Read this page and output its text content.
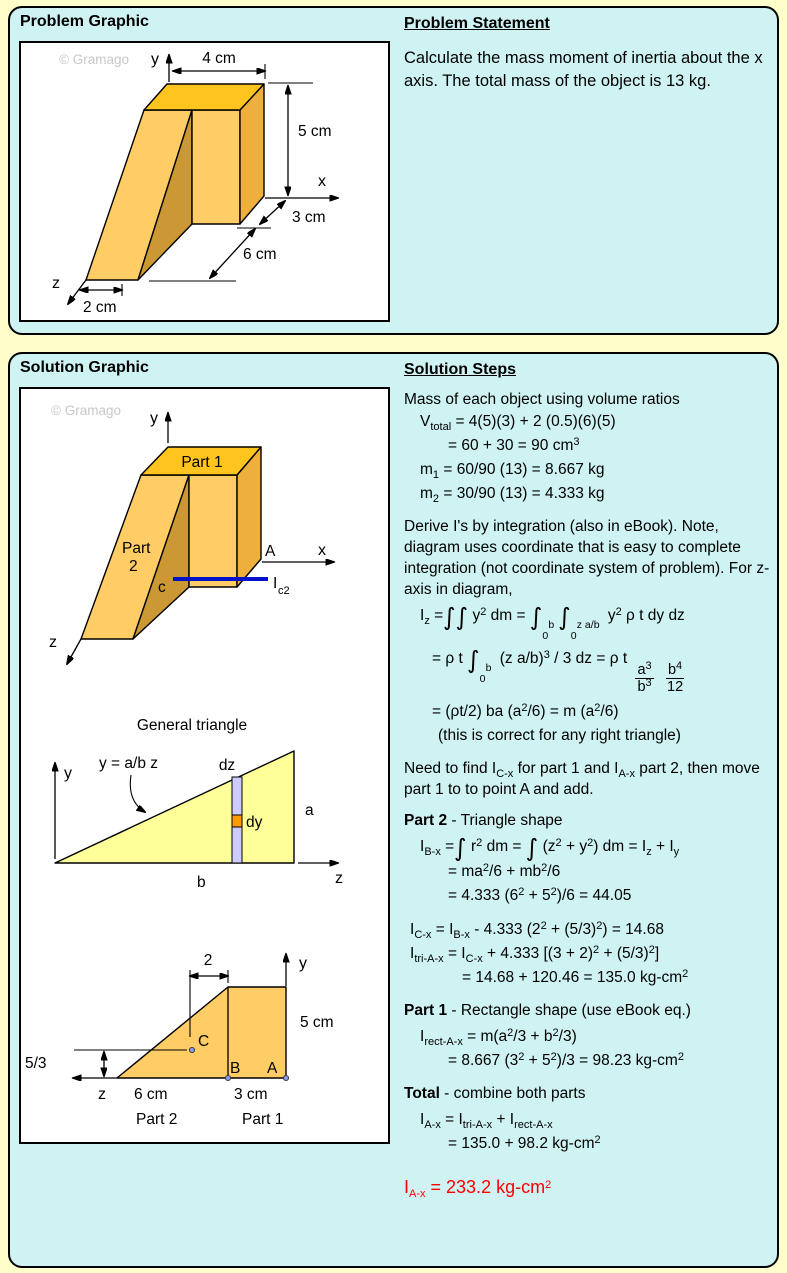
Problem Graphic
© Gramago y	4 cm
5 cm
x
3 cm
6 cm
z
2 cm
Problem Statement

Calculate the mass moment of inertia about the x axis. The total mass of the object is 13 kg.

Solution Graphic
© Gramago y
Part 1
Part
2
x
A
I c2
c
z
General triangle
y
y = a/b z	dz
dy
a
b	z
y
2
5 cm
5/3
C
z 6 cm	3 cm
B A
Part 2	Part 1
Solution Steps
Mass of each object using volume ratios
$V_{total} = 4(5)(3) + 2$ (0.5)(6)(5)
= 60 + 30 = 90 $cm^3$
$m_1 = 60/90$ (13) = 8.667 kg
$m_2 = 30/90$ (13) = 4.333 kg
Derive I's by integration (also in eBook). Note, diagram uses coordinate that is easy to complete integration (not coordinate system of problem). For z-axis in diagram,
$I_z$ =∫∫ $y^2$ dm = ∫ b
0
∫ z a/b
0
$y^2$ ρ t dy dz
= ρ t ∫ b
0
(z a/b)$^3$ / 3 dz = ρ t
$\frac{a^3}{b^3}$
$\frac{b^4}{12}$
= (ρt/2) ba $(a^2/6) = m$ $(a^2/6)$
(this is correct for any right triangle)
Need to find $I_{C-x}$ for part 1 and $I_{A-x}$ part 2, then move part 1 to to point A and add.
Part 2 - Triangle shape
$I_{B-x}$ =∫ $r^2$ dm = ∫ $(z^2 + y^2)$ dm = $I_z + I_y$
= $ma^2/6 + mb^2/6$
= 4.333 $(6^2 + 5^2)/6 = 44.05$
$I_{C-x} = I_{B-x} - 4.333$ $(2^2 + (5/3)^2) = 14.68$
$I_{tri-A-x} = I_{C-x} + 4.333$ $[(3 + 2)^2 + (5/3)^2]$
= 14.68 + 120.46 = 135.0 $kg-cm^2$
Part 1 - Rectangle shape (use eBook eq.)
$I_{rect-A-x} = m(a^2/3 + b^2/3)$
= 8.667 $(3^2 + 5^2)/3 = 98.23$ $kg-cm^2$
Total - combine both parts
$I_{A-x} = I_{tri-A-x} + I_{rect-A-x}$
= 135.0 + 98.2 $kg-cm^2$
$I_{A-x} = 233.2$ $kg-cm^2$
